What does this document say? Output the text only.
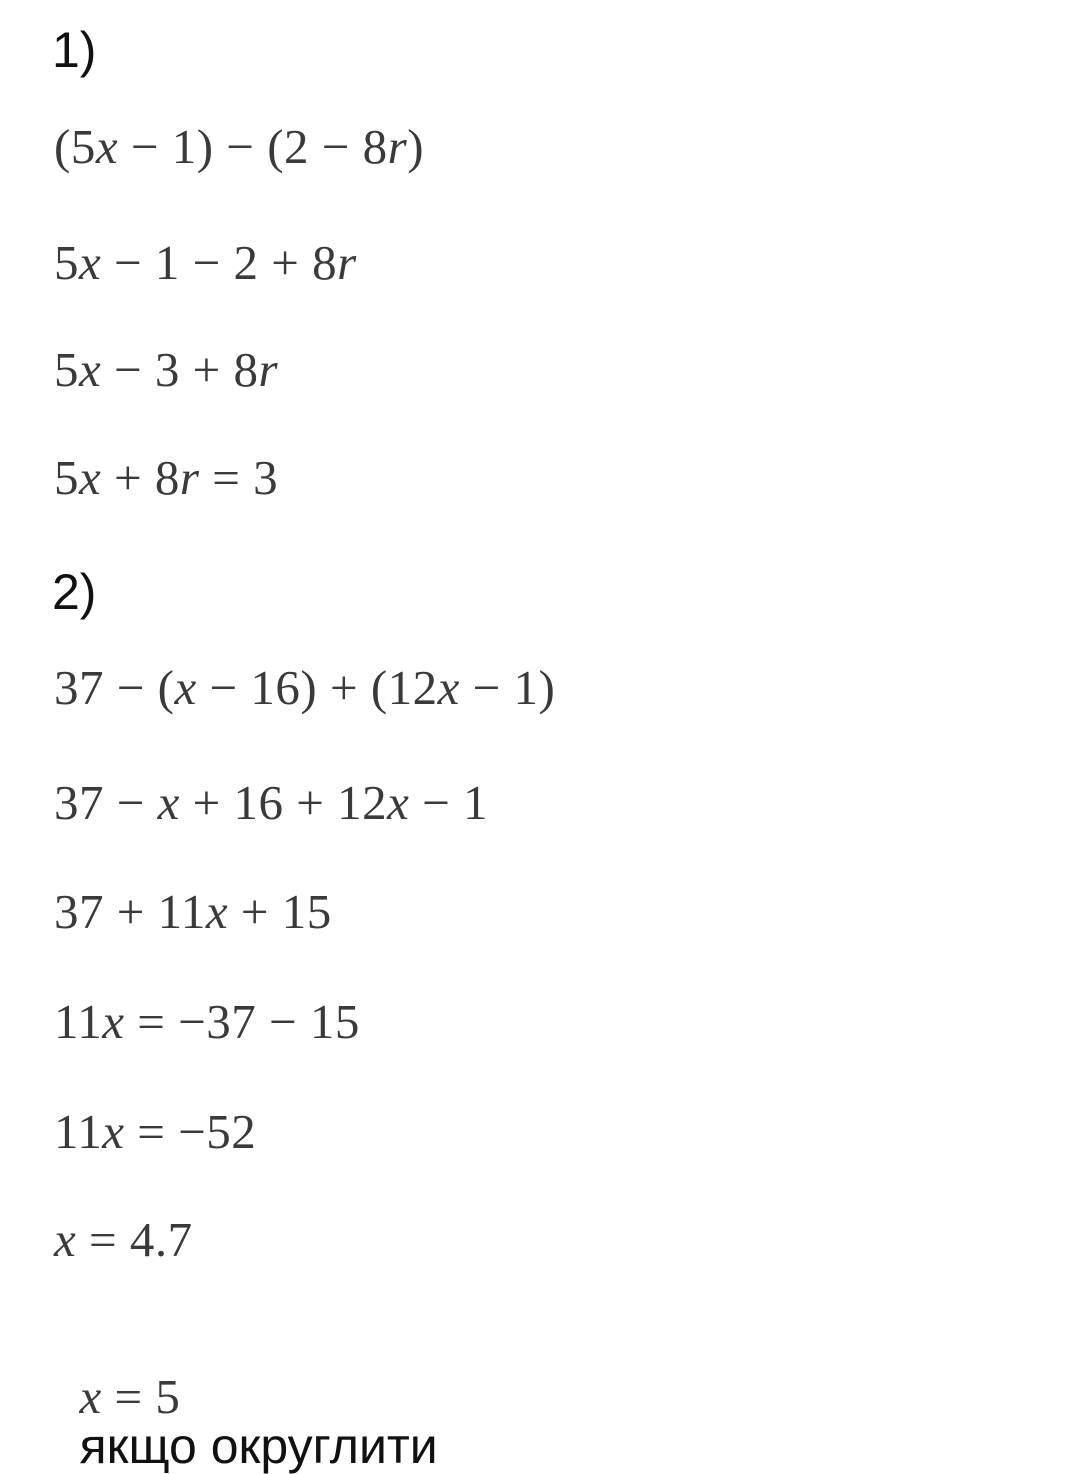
1)
(5x − 1) − (2 − 8r)
5x − 1 − 2 + 8r
5x − 3 + 8r
5x + 8r = 3
2)
37 − (x − 16) + (12x − 1)
37 − x + 16 + 12x − 1
37 + 11x + 15
11x = −37 − 15
11x = −52
x = 4.7

x = 5
якщо округлити
